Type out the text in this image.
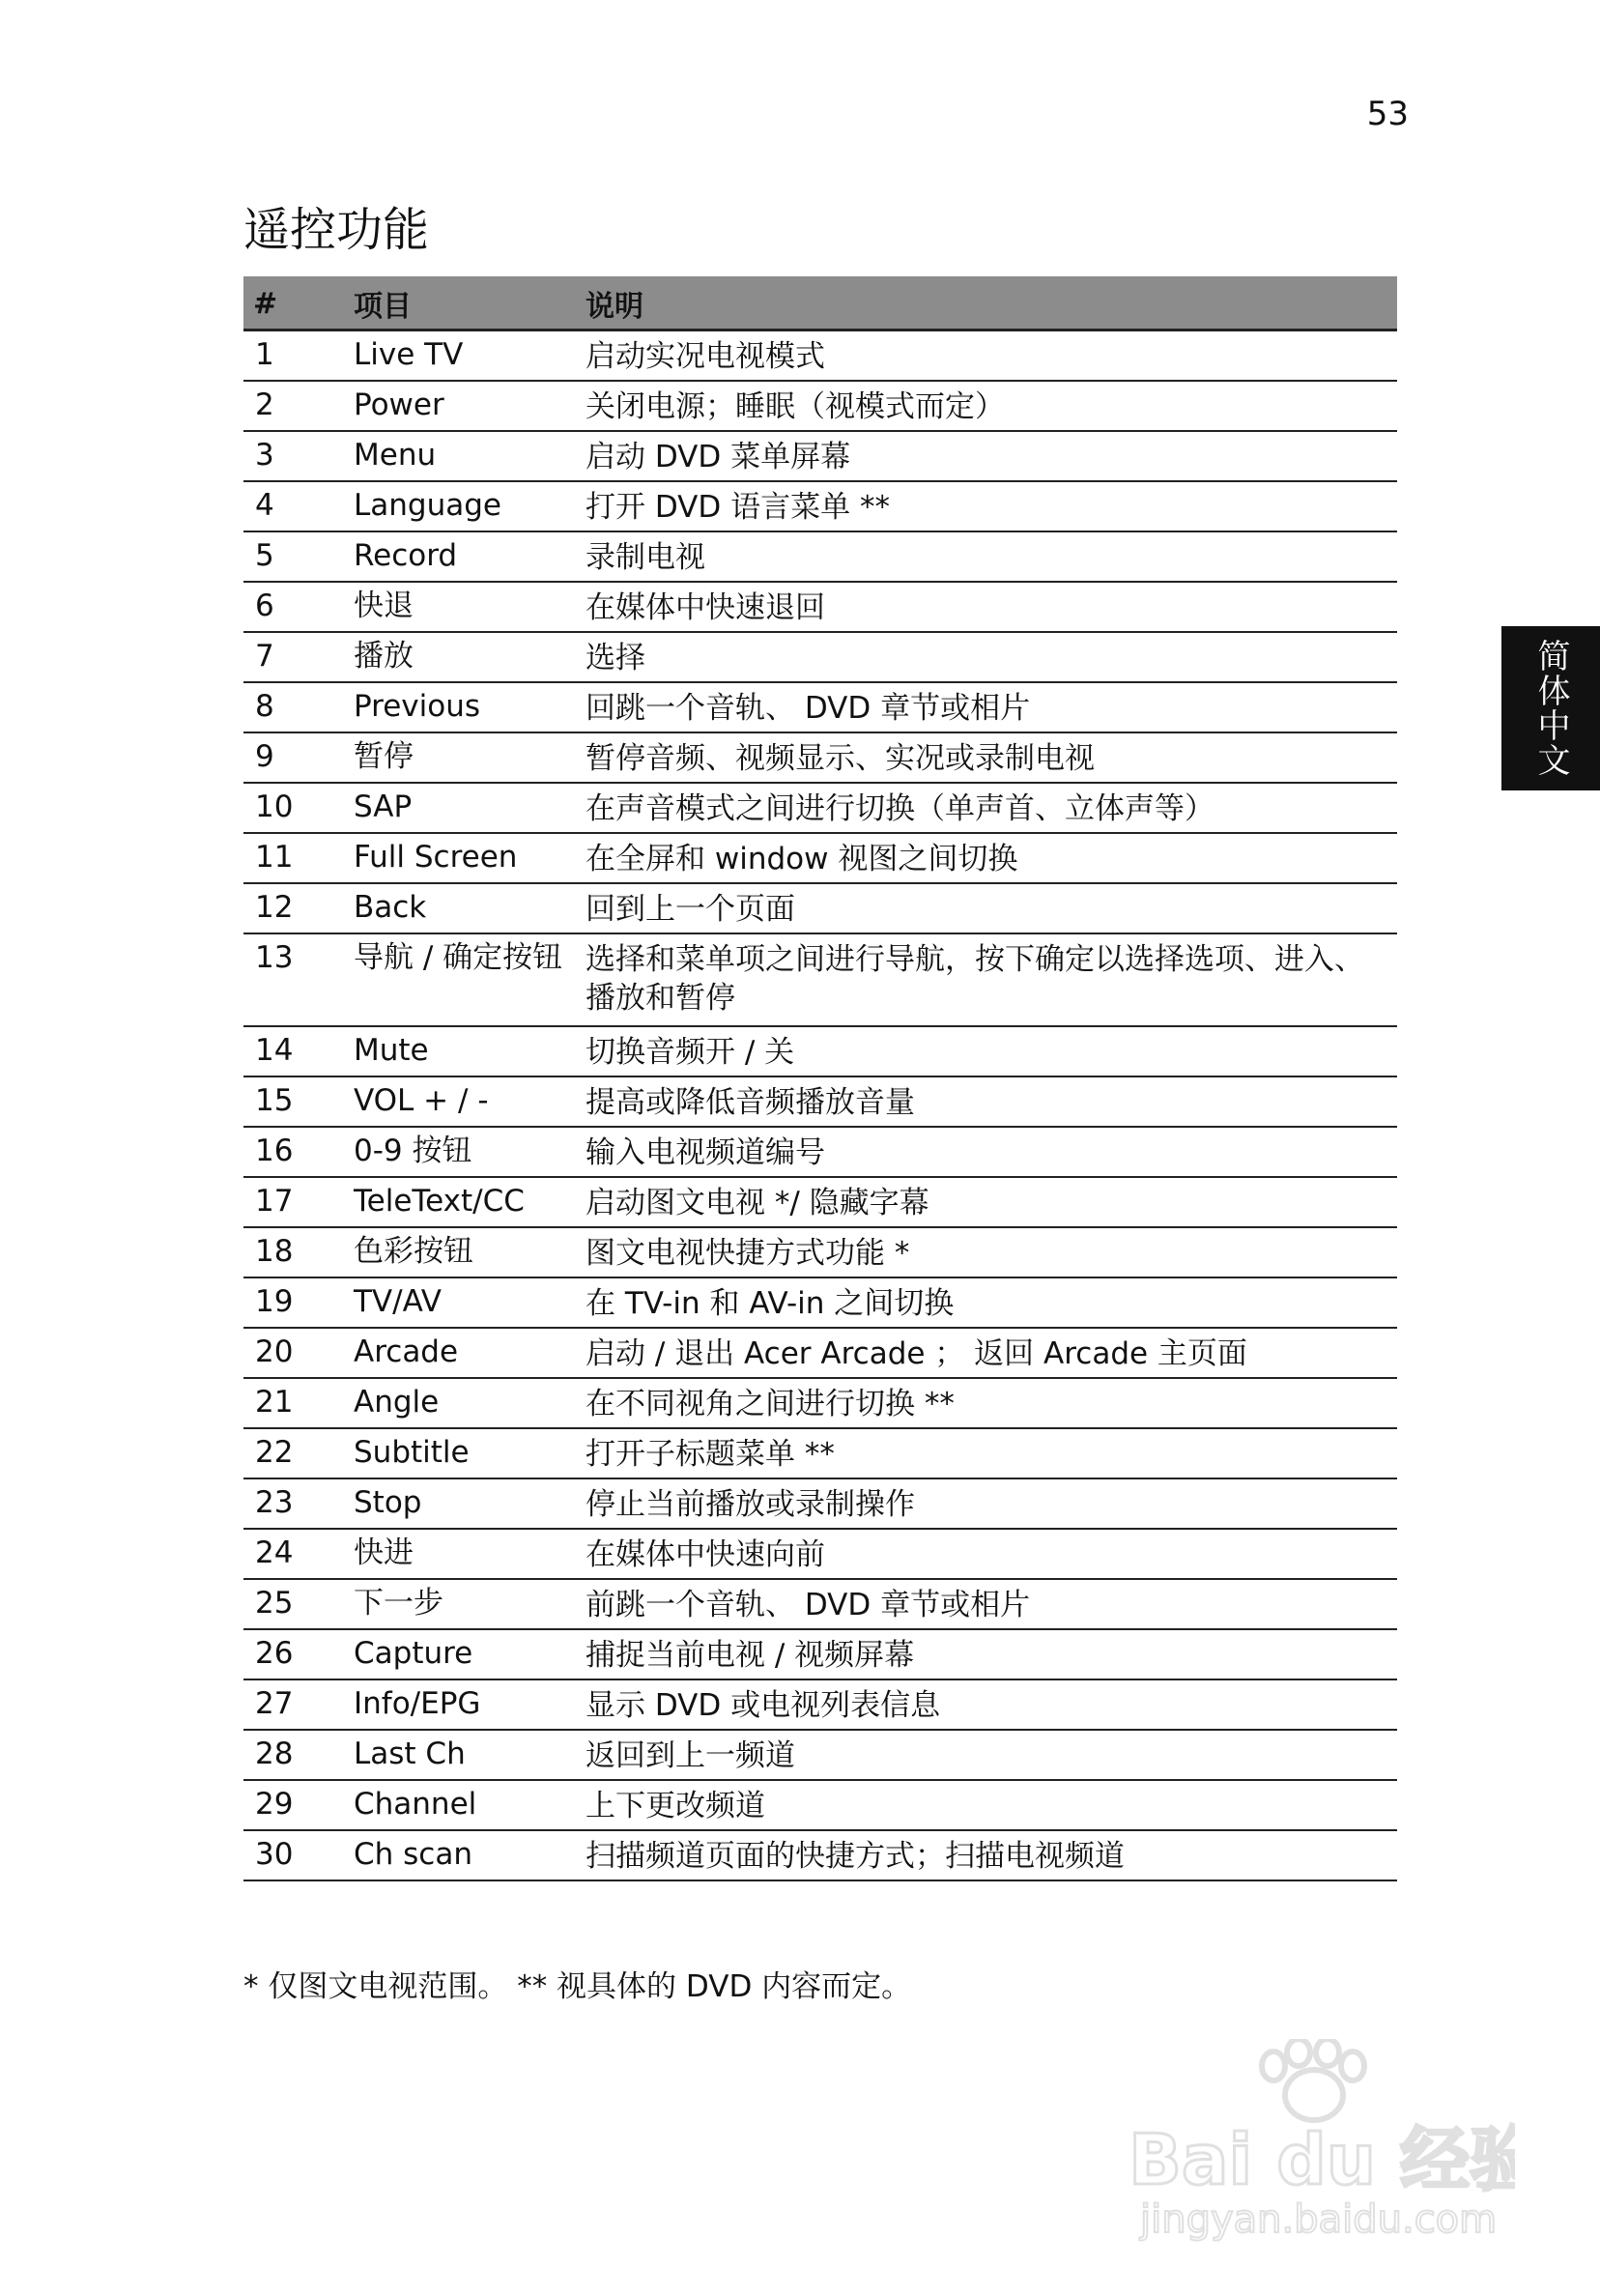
53
遥控功能
简体中文
#	项目	说明
1	Live TV	启动实况电视模式
2	Power	关闭电源；睡眠（视模式而定）
3	Menu	启动 DVD 菜单屏幕
4	Language	打开 DVD 语言菜单 **
5	Record	录制电视
6	快退	在媒体中快速退回
7	播放	选择
8	Previous	回跳一个音轨、 DVD 章节或相片
9	暂停	暂停音频、视频显示、实况或录制电视
10	SAP	在声音模式之间进行切换（单声首、立体声等）
11	Full Screen	在全屏和 window 视图之间切换
12	Back	回到上一个页面
13	导航 / 确定按钮	选择和菜单项之间进行导航，按下确定以选择选项、进入、播放和暂停
14	Mute	切换音频开 / 关
15	VOL + / -	提高或降低音频播放音量
16	0-9 按钮	输入电视频道编号
17	TeleText/CC	启动图文电视 */ 隐藏字幕
18	色彩按钮	图文电视快捷方式功能 *
19	TV/AV	在 TV-in 和 AV-in 之间切换
20	Arcade	启动 / 退出 Acer Arcade ； 返回 Arcade 主页面
21	Angle	在不同视角之间进行切换 **
22	Subtitle	打开子标题菜单 **
23	Stop	停止当前播放或录制操作
24	快进	在媒体中快速向前
25	下一步	前跳一个音轨、 DVD 章节或相片
26	Capture	捕捉当前电视 / 视频屏幕
27	Info/EPG	显示 DVD 或电视列表信息
28	Last Ch	返回到上一频道
29	Channel	上下更改频道
30	Ch scan	扫描频道页面的快捷方式；扫描电视频道
* 仅图文电视范围。 ** 视具体的 DVD 内容而定。
Bai du 经验
jingyan.baidu.com
